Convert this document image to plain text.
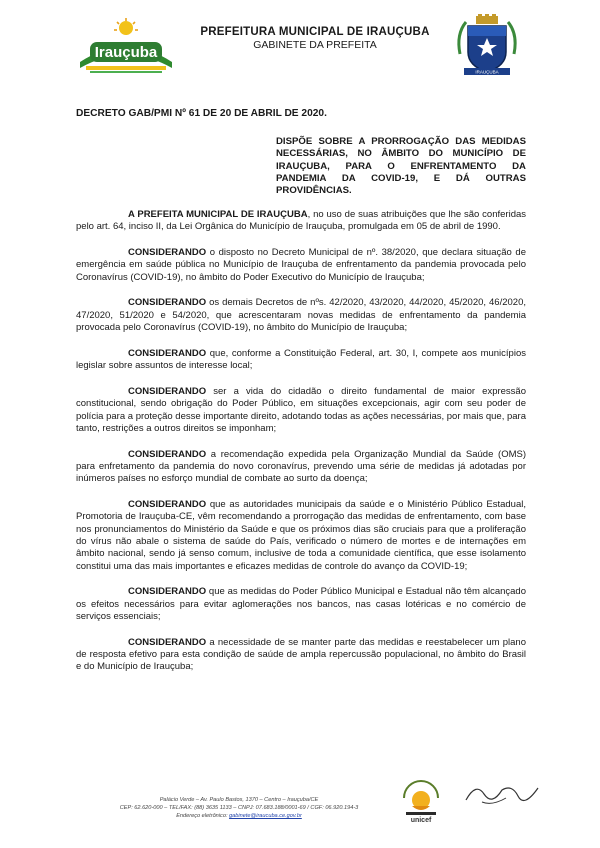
Irauçuba
PREFEITURA MUNICIPAL DE IRAUÇUBA
GABINETE DA PREFEITA
IRAUÇUBA
DECRETO GAB/PMI Nº 61 DE 20 DE ABRIL DE 2020.
DISPÕE SOBRE A PRORROGAÇÃO DAS MEDIDAS NECESSÁRIAS, NO ÂMBITO DO MUNICÍPIO DE IRAUÇUBA, PARA O ENFRENTAMENTO DA PANDEMIA DA COVID-19, E DÁ OUTRAS PROVIDÊNCIAS.

A PREFEITA MUNICIPAL DE IRAUÇUBA, no uso de suas atribuições que lhe são conferidas pelo art. 64, inciso II, da Lei Orgânica do Município de Irauçuba, promulgada em 05 de abril de 1990.

CONSIDERANDO o disposto no Decreto Municipal de nº. 38/2020, que declara situação de emergência em saúde pública no Município de Irauçuba de enfrentamento da pandemia provocada pelo Coronavírus (COVID-19), no âmbito do Poder Executivo do Município de Irauçuba;

CONSIDERANDO os demais Decretos de nºs. 42/2020, 43/2020, 44/2020, 45/2020, 46/2020, 47/2020, 51/2020 e 54/2020, que acrescentaram novas medidas de enfrentamento da pandemia provocada pelo Coronavírus (COVID-19), no âmbito do Município de Irauçuba;

CONSIDERANDO que, conforme a Constituição Federal, art. 30, I, compete aos municípios legislar sobre assuntos de interesse local;

CONSIDERANDO ser a vida do cidadão o direito fundamental de maior expressão constitucional, sendo obrigação do Poder Público, em situações excepcionais, agir com seu poder de polícia para a proteção desse importante direito, adotando todas as ações necessárias, por mais que, para tanto, restrições a outros direitos se imponham;

CONSIDERANDO a recomendação expedida pela Organização Mundial da Saúde (OMS) para enfretamento da pandemia do novo coronavírus, prevendo uma série de medidas já adotadas por inúmeros países no esforço mundial de combate ao surto da doença;

CONSIDERANDO que as autoridades municipais da saúde e o Ministério Público Estadual, Promotoria de Irauçuba-CE, vêm recomendando a prorrogação das medidas de enfrentamento, com base nos pronunciamentos do Ministério da Saúde e que os próximos dias são cruciais para que a proliferação do vírus não abale o sistema de saúde do País, verificado o número de mortes e de internações em âmbito nacional, sendo já senso comum, inclusive de toda a comunidade científica, que esse isolamento constitui uma das mais importantes e eficazes medidas de controle do avanço da COVID-19;

CONSIDERANDO que as medidas do Poder Público Municipal e Estadual não têm alcançado os efeitos necessários para evitar aglomerações nos bancos, nas casas lotéricas e no comércio de serviços essenciais;

CONSIDERANDO a necessidade de se manter parte das medidas e reestabelecer um plano de resposta efetivo para esta condição de saúde de ampla repercussão populacional, no âmbito do Brasil e do Município de Irauçuba;

Palácio Verde – Av. Paulo Bastos, 1370 – Centro – Irauçuba/CE
CEP: 62.620-000 – TEL/FAX: (88) 3635 1133 – CNPJ: 07.683.188/0001-69 / CGF: 06.920.194-3
Endereço eletrônico: gabinete@iraucuba.ce.gov.br
unicef
